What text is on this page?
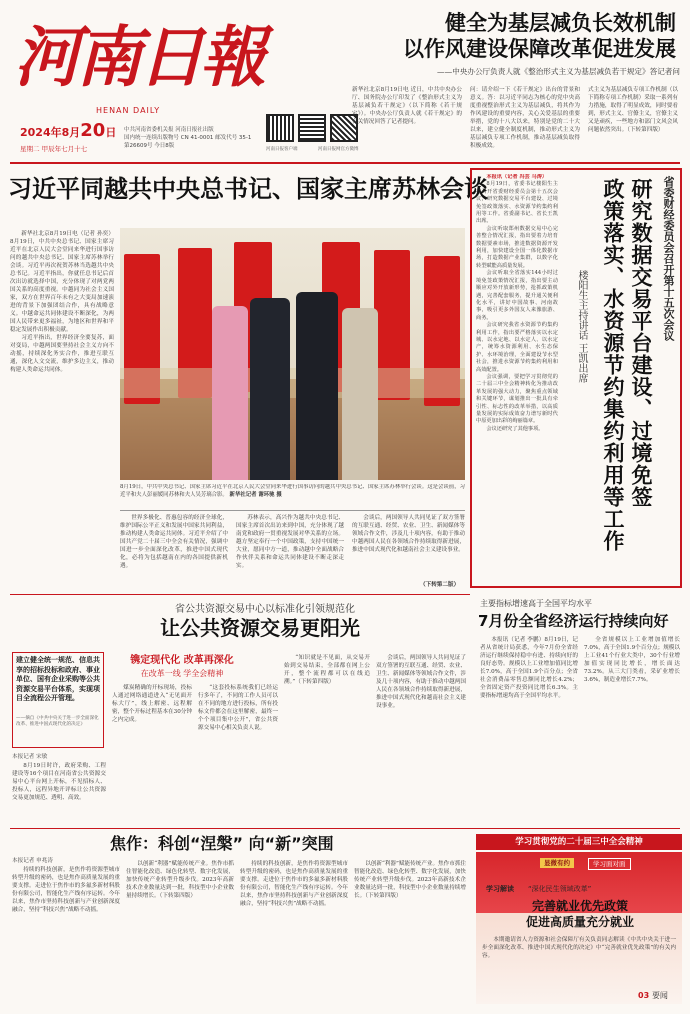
河南日報
HENAN DAILY
2024年8月20日
星期二 甲辰年七月十七
中共河南省委机关报 河南日报社出版
国内统一连续出版物号 CN 41-0001 邮发代号 35-1
第26609号 今日8版
河南日报客户端	河南日报网官方微博
健全为基层减负长效机制
以作风建设保障改革促进发展
——中央办公厅负责人就《整治形式主义为基层减负若干规定》答记者问
新华社北京8月19日电 近日，中共中央办公厅、国务院办公厅印发了《整治形式主义为基层减负若干规定》（以下简称《若干规定》）。中央办公厅负责人就《若干规定》的有关情况回答了记者提问。
问：请介绍一下《若干规定》出台的背景和意义。答：以习近平同志为核心的党中央高度重视整治形式主义为基层减负，将其作为作风建设的重要内容，关心关爱基层的重要举措，党的十八大以来，特别是党的二十大以来，建立健全制度机制，推动形式主义为基层减负专项工作机制，推动基层减负取得积极成效。
式主义为基层减负专项工作机制（以下简称专项工作机制）采取一系列有力措施，取得了明显成效，同时要看到，形式主义、官僚主义，官僚主义又是顽疾，一些地方和部门文风会风问题依然突出。（下转第四版）
习近平同越共中央总书记、国家主席苏林会谈

新华社北京8月19日电（记者 孙奕）8月19日，中共中央总书记、国家主席习近平在北京人民大会堂同来华进行国事访问的越共中央总书记、国家主席苏林举行会谈。习近平再次祝贺苏林当选越共中央总书记。习近平指出，你就任总书记后首次出访就选择中国，充分体现了对两党两国关系的高度重视。中越同为社会主义国家，双方在世界百年未有之大变局加速演进的背景下加强团结合作，具有战略意义。中越命运共同体建设不断深化，为两国人民带来更多福祉，为地区和世界和平稳定发展作出积极贡献。

习近平指出，世界经济全要复苏，面对变局，中越两国要坚持社会主义方向不动摇，持续深化务实合作，推进互联互通，深化人文交流，维护多边主义，推动构建人类命运共同体。

8月19日，中共中央总书记、国家主席习近平在北京人民大会堂同来华进行国事访问的越共中央总书记、国家主席苏林举行会谈。这是会谈前，习近平和夫人彭丽媛同苏林和夫人吴芳璃合影。 新华社记者 谢环驰 摄

世界多极化、普惠包容的经济全球化，维护国际公平正义和发展中国家共同利益，推动构建人类命运共同体。习近平介绍了中国共产党二十届三中全会有关情况，强调中国进一步全面深化改革，推进中国式现代化，必将为包括越南在内的各国提供新机遇。

苏林表示，高兴作为越共中央总书记、国家主席首次出访来到中国，充分体现了越南党和政府一贯重视发展对华关系的立场。越方坚定奉行一个中国政策，支持中国统一大业，愿同中方一道，推动越中全面战略合作伙伴关系和命运共同体建设不断走深走实。

会谈后，两国领导人共同见证了双方签署的互联互通、经贸、农业、卫生、新闻媒体等领域合作文件，涉及几十项内容，有助于推动中越两国人民在各领域合作持续取得新进展，推进中国式现代化和越南社会主义建设事业。

（下转第二版）

本报讯（记者 冯芸 马涛）

8月19日，省委书记楼阳生主持召开省委财经委员会第十五次会议，研究数据交易平台建设、过境免签政策落实、水资源节约集约利用等工作。省委副书记、省长王凯出席。

会议听取郑州数据交易中心完善整合情况汇报，指出要着力培育数据要素市场，推进数据资源开发利用，加快建设全国一体化数据市场，打造数据产业集群，以数字化转型赋能高质量发展。

会议听取全省落实144小时过境免签政策情况汇报，指出要主动顺应对外开放新形势，抢抓政策机遇，完善配套服务，提升通关便利化水平，讲好中国故事、河南故事，吸引更多外国友人来豫旅游、商务。

会议研究我省水资源节约集约利用工作，指出要严格落实以水定城、以水定地、以水定人、以水定产，统筹水资源利用、水生态保护、水环境治理，全面建设节水型社会，推进水资源节约集约利用和高效配置。

会议强调，要把学习贯彻党的二十届三中全会精神转化为推动改革发展的强大动力，聚焦重点领域和关键环节，谋划推出一批具有牵引性、标志性的改革举措，以高质量发展的实际成效奋力谱写新时代中原更加出彩的绚丽篇章。

会议还研究了其他事项。

省委财经委员会召开第十五次会议
研究数据交易平台建设、过境免签
政策落实、水资源节约集约利用等工作
楼阳生主持讲话 王凯出席
省公共资源交易中心以标准化引领规范化
让公共资源交易更阳光
建立健全统一规范、信息共享的招标投标和政府、事业单位、国有企业采购等公共资源交易平台体系，实现项目全流程公开管理。
——摘自《中共中央关于进一步全面深化改革、推进中国式现代化的决定》
本报记者 宋敏

8月19日时许，政府采购、工程建设等16个项目在河南省公共资源交易中心平台网上开标，不见招标人、投标人，远程异地开评标让公共资源交易更加规范、透明、高效。

镌定现代化 改革再深化
在改革一线 学全会精神

煤炭精确的开标现场，投标人通过网络通道进入“无见面开标大厅”，线上解密、远程解密，整个开标过程基本在30分钟之内完成。

“这套投标系统我们已经运行多年了，不同的工作人员可以在不同的地方进行投标，所有投标文件都会在这里解密，最终一个个项目集中公开”，省公共资源交易中心相关负责人说。

“知识就是不见面，从交易开始到交易结束，全部都在网上公开，整个流程都可以在线追溯。”（下转第四版）

会谈后，两国领导人共同见证了双方签署的互联互通、经贸、农业、卫生、新闻媒体等领域合作文件，涉及几十项内容，有助于推动中越两国人民在各领域合作持续取得新进展，推进中国式现代化和越南社会主义建设事业。

主要指标增速高于全国平均水平
7月份全省经济运行持续向好

本报讯（记者 李鹏）8月19日，记者从省统计局获悉，今年7月份全省经济运行继续保持稳中有进、持续向好的良好态势。规模以上工业增加值同比增长7.0%，高于全国1.9个百分点；全省社会消费品零售总额同比增长4.2%；全省固定资产投资同比增长6.3%。主要指标增速均高于全国平均水平。

全省规模以上工业增加值增长7.0%，高于全国1.9个百分点；规模以上工业41个行业大类中，30个行业增加值实现同比增长，增长面达73.2%。从三大门类看，采矿业增长3.6%，制造业增长7.7%。

焦作：科创“涅槃” 向“新”突围
本报记者 申兆涛

持续的科技创新，是焦作将资源型城市转型升级的密码，也是焦作高质量发展的重要支撑。走进位于焦作市的多氟多新材料股份有限公司，智能化生产线有序运转。今年以来，焦作市坚持科技创新与产业创新深度融合，坚持“科技兴焦”战略不动摇。

以创新“利器”赋能传统产业。焦作市抓住智能化改造、绿色化转型、数字化发展，加快传统产业转型升级步伐。2023年高新技术企业数量达到一批，科技型中小企业数量持续增长。（下转第四版）

持续的科技创新，是焦作将资源型城市转型升级的密码，也是焦作高质量发展的重要支撑。走进位于焦作市的多氟多新材料股份有限公司，智能化生产线有序运转。今年以来，焦作市坚持科技创新与产业创新深度融合，坚持“科技兴焦”战略不动摇。

以创新“利器”赋能传统产业。焦作市抓住智能化改造、绿色化转型、数字化发展，加快传统产业转型升级步伐。2023年高新技术企业数量达到一批，科技型中小企业数量持续增长。（下转第四版）

学习贯彻党的二十届三中全会精神
显微有约	学习面对面
学习解读 “深化民生领域改革”
完善就业优先政策
促进高质量充分就业

本期邀请省人力资源和社会保障厅有关负责同志解读《中共中央关于进一步全面深化改革、推进中国式现代化的决定》中“完善就业优先政策”的有关内容。

03 要闻
